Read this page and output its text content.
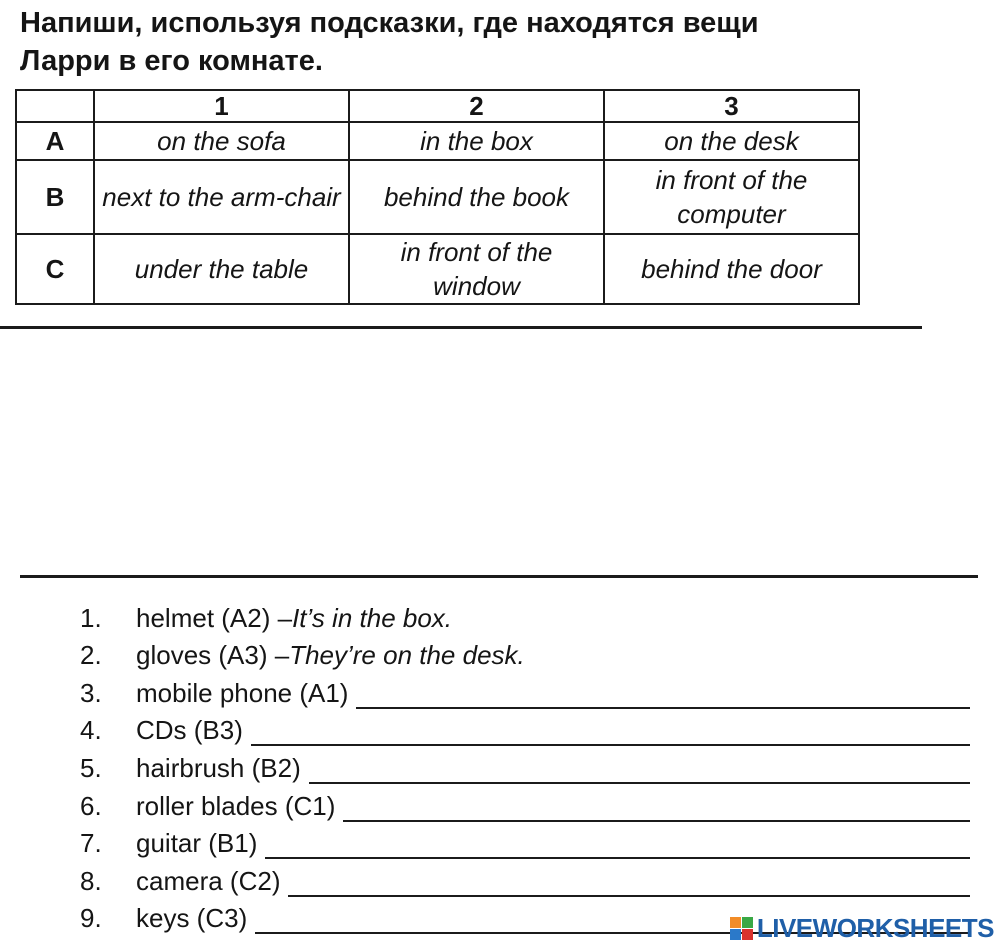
Напиши, используя подсказки, где находятся вещи
Ларри в его комнате.
	1	2	3
A	on the sofa	in the box	on the desk
B	next to the arm-chair	behind the book	in front of the computer
C	under the table	in front of the window	behind the door
1.	helmet (A2) – It’s in the box.
2.	gloves (A3) – They’re on the desk.
3.	mobile phone (A1)
4.	CDs (B3)
5.	hairbrush (B2)
6.	roller blades (C1)
7.	guitar (B1)
8.	camera (C2)
9.	keys (C3)	LIVEWORKSHEETS
